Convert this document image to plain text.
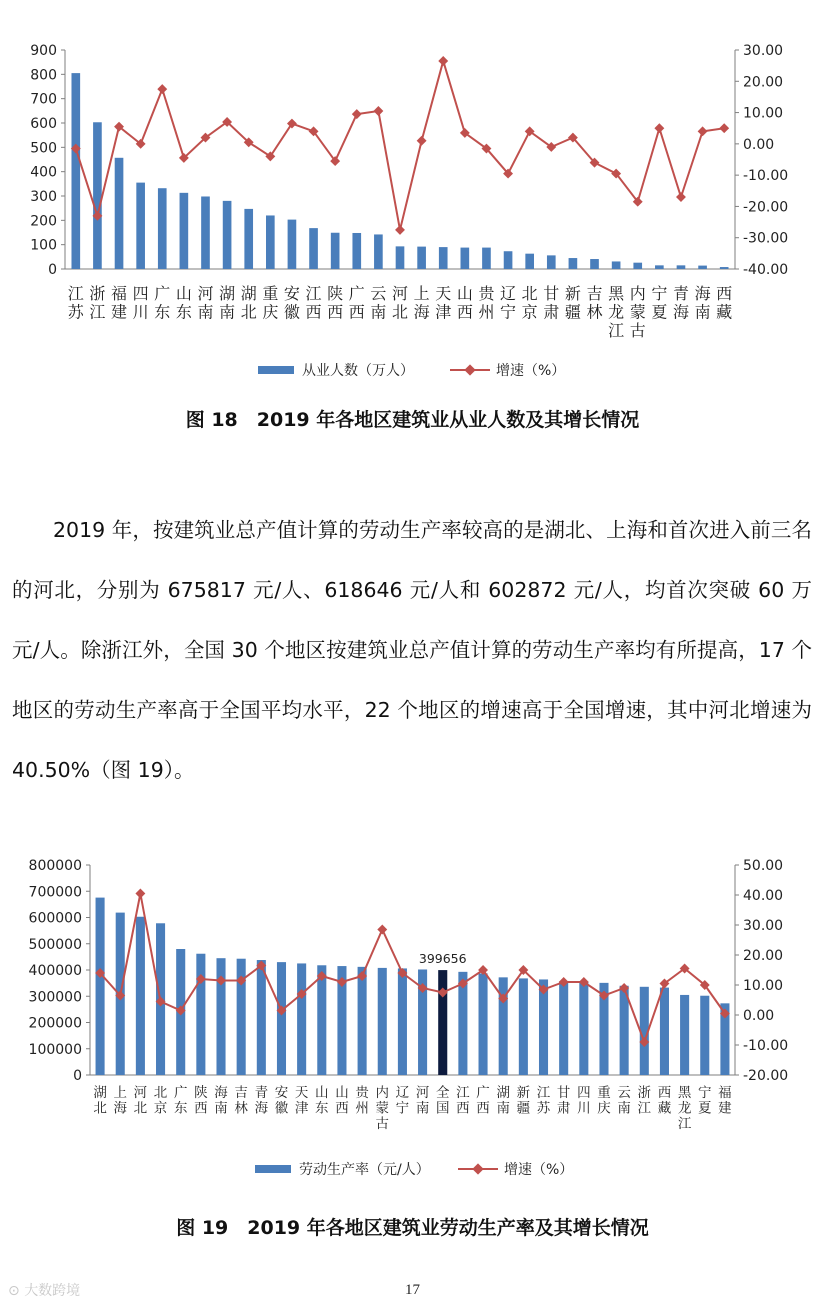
0
100
200
300
400
500
600
700
800
900
-40.00
-30.00
-20.00
-10.00
0.00
10.00
20.00
30.00
江苏
浙江
福建
四川
广东
山东
河南
湖南
湖北
重庆
安徽
江西
陕西
广西
云南
河北
上海
天津
山西
贵州
辽宁
北京
甘肃
新疆
吉林
黑龙江
内蒙古
宁夏
青海
海南
西藏
从业人数（万人）	增速（%）
图 18　2019 年各地区建筑业从业人数及其增长情况

2019 年，按建筑业总产值计算的劳动生产率较高的是湖北、上海和首次进入前三名的河北，分别为 675817 元/人、618646 元/人和 602872 元/人，均首次突破 60 万元/人。除浙江外，全国 30 个地区按建筑业总产值计算的劳动生产率均有所提高，17 个地区的劳动生产率高于全国平均水平，22 个地区的增速高于全国增速，其中河北增速为 40.50%（图 19）。

0
100000
200000
300000
400000
500000
600000
700000
800000
-20.00
-10.00
0.00
10.00
20.00
30.00
40.00
50.00
399656
湖北
上海
河北
北京
广东
陕西
海南
吉林
青海
安徽
天津
山东
山西
贵州
内蒙古
辽宁
河南
全国
江西
广西
湖南
新疆
江苏
甘肃
四川
重庆
云南
浙江
西藏
黑龙江
宁夏
福建
劳动生产率（元/人）	增速（%）
图 19　2019 年各地区建筑业劳动生产率及其增长情况
⊙ 大数跨境	17
